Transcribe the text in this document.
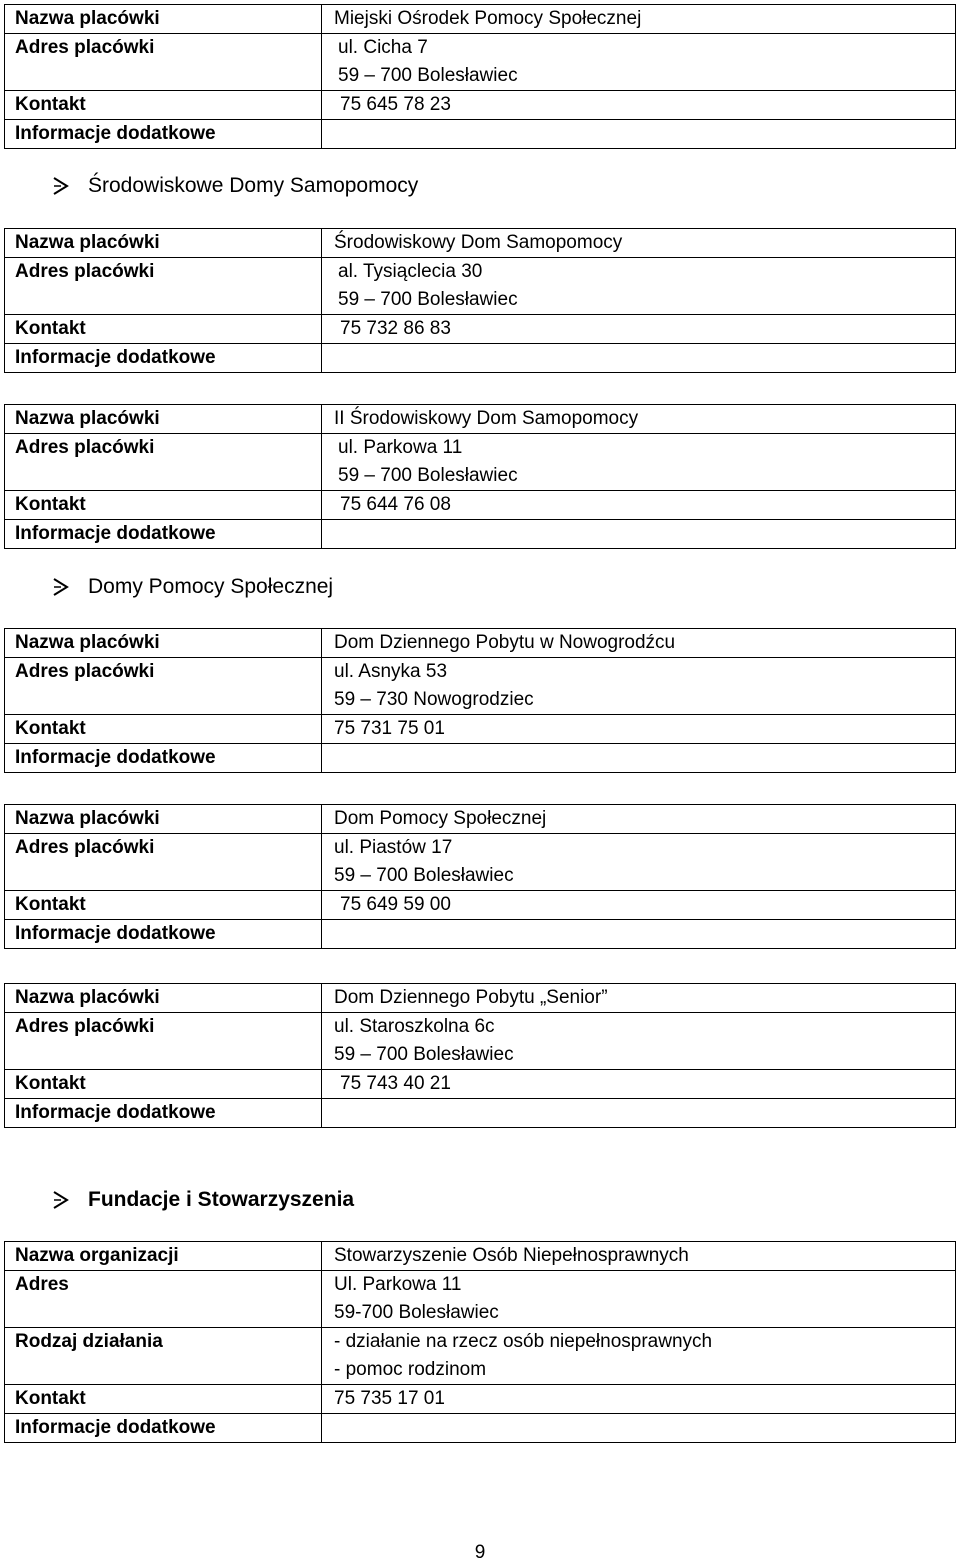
Nazwa placówki	Miejski Ośrodek Pomocy Społecznej
Adres placówki	ul. Cicha 7
59 – 700 Bolesławiec

Kontakt	75 645 78 23
Informacje dodatkowe	
Środowiskowe Domy Samopomocy
Nazwa placówki	Środowiskowy Dom Samopomocy
Adres placówki	al. Tysiąclecia 30
59 – 700 Bolesławiec

Kontakt	75 732 86 83
Informacje dodatkowe	
Nazwa placówki	II Środowiskowy Dom Samopomocy
Adres placówki	ul. Parkowa 11
59 – 700 Bolesławiec

Kontakt	75 644 76 08
Informacje dodatkowe	
Domy Pomocy Społecznej
Nazwa placówki	Dom Dziennego Pobytu w Nowogrodźcu
Adres placówki	ul. Asnyka 53
59 – 730 Nowogrodziec

Kontakt	75 731 75 01
Informacje dodatkowe	
Nazwa placówki	Dom Pomocy Społecznej
Adres placówki	ul. Piastów 17
59 – 700 Bolesławiec

Kontakt	75 649 59 00
Informacje dodatkowe	
Nazwa placówki	Dom Dziennego Pobytu „Senior”
Adres placówki	ul. Staroszkolna 6c
59 – 700 Bolesławiec

Kontakt	75 743 40 21
Informacje dodatkowe	
Fundacje i Stowarzyszenia
Nazwa organizacji	Stowarzyszenie Osób Niepełnosprawnych
Adres	Ul. Parkowa 11
59-700 Bolesławiec

Rodzaj działania	- działanie na rzecz osób niepełnosprawnych
- pomoc rodzinom

Kontakt	75 735 17 01
Informacje dodatkowe	
9
